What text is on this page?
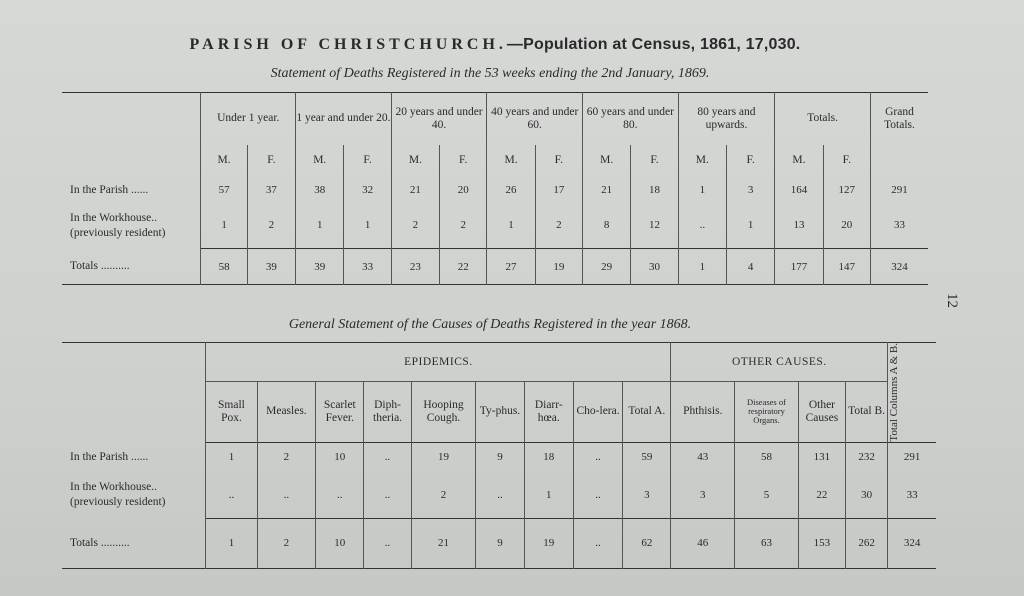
PARISH OF CHRISTCHURCH.—Population at Census, 1861, 17,030.
Statement of Deaths Registered in the 53 weeks ending the 2nd January, 1869.
12
	Under 1 year.		1 year and under 20.		20 years and under 40.		40 years and under 60.		60 years and under 80.		80 years and upwards.		Totals.		Grand Totals.
	M.	F.	M.	F.	M.	F.	M.	F.	M.	F.	M.	F.	M.	F.	
In the Parish ......	57	37	38	32	21	20	26	17	21	18	1	3	164	127	291
In the Workhouse.. (previously resident)	1	2	1	1	2	2	1	2	8	12	..	1	13	20	33
Totals ..........	58	39	39	33	23	22	27	19	29	30	1	4	177	147	324
General Statement of the Causes of Deaths Registered in the year 1868.
	EPIDEMICS.									OTHER CAUSES.				Total Columns A & B.

	Small Pox.	Measles.	Scarlet Fever.	Diph-theria.	Hooping Cough.	Ty-phus.	Diarr-hœa.	Cho-lera.	Total A.	Phthisis.	Diseases of respiratory Organs.	Other Causes	Total B.	
In the Parish ......	1	2	10	..	19	9	18	..	59	43	58	131	232	291
In the Workhouse.. (previously resident)	..	..	..	..	2	..	1	..	3	3	5	22	30	33
Totals ..........	1	2	10	..	21	9	19	..	62	46	63	153	262	324
